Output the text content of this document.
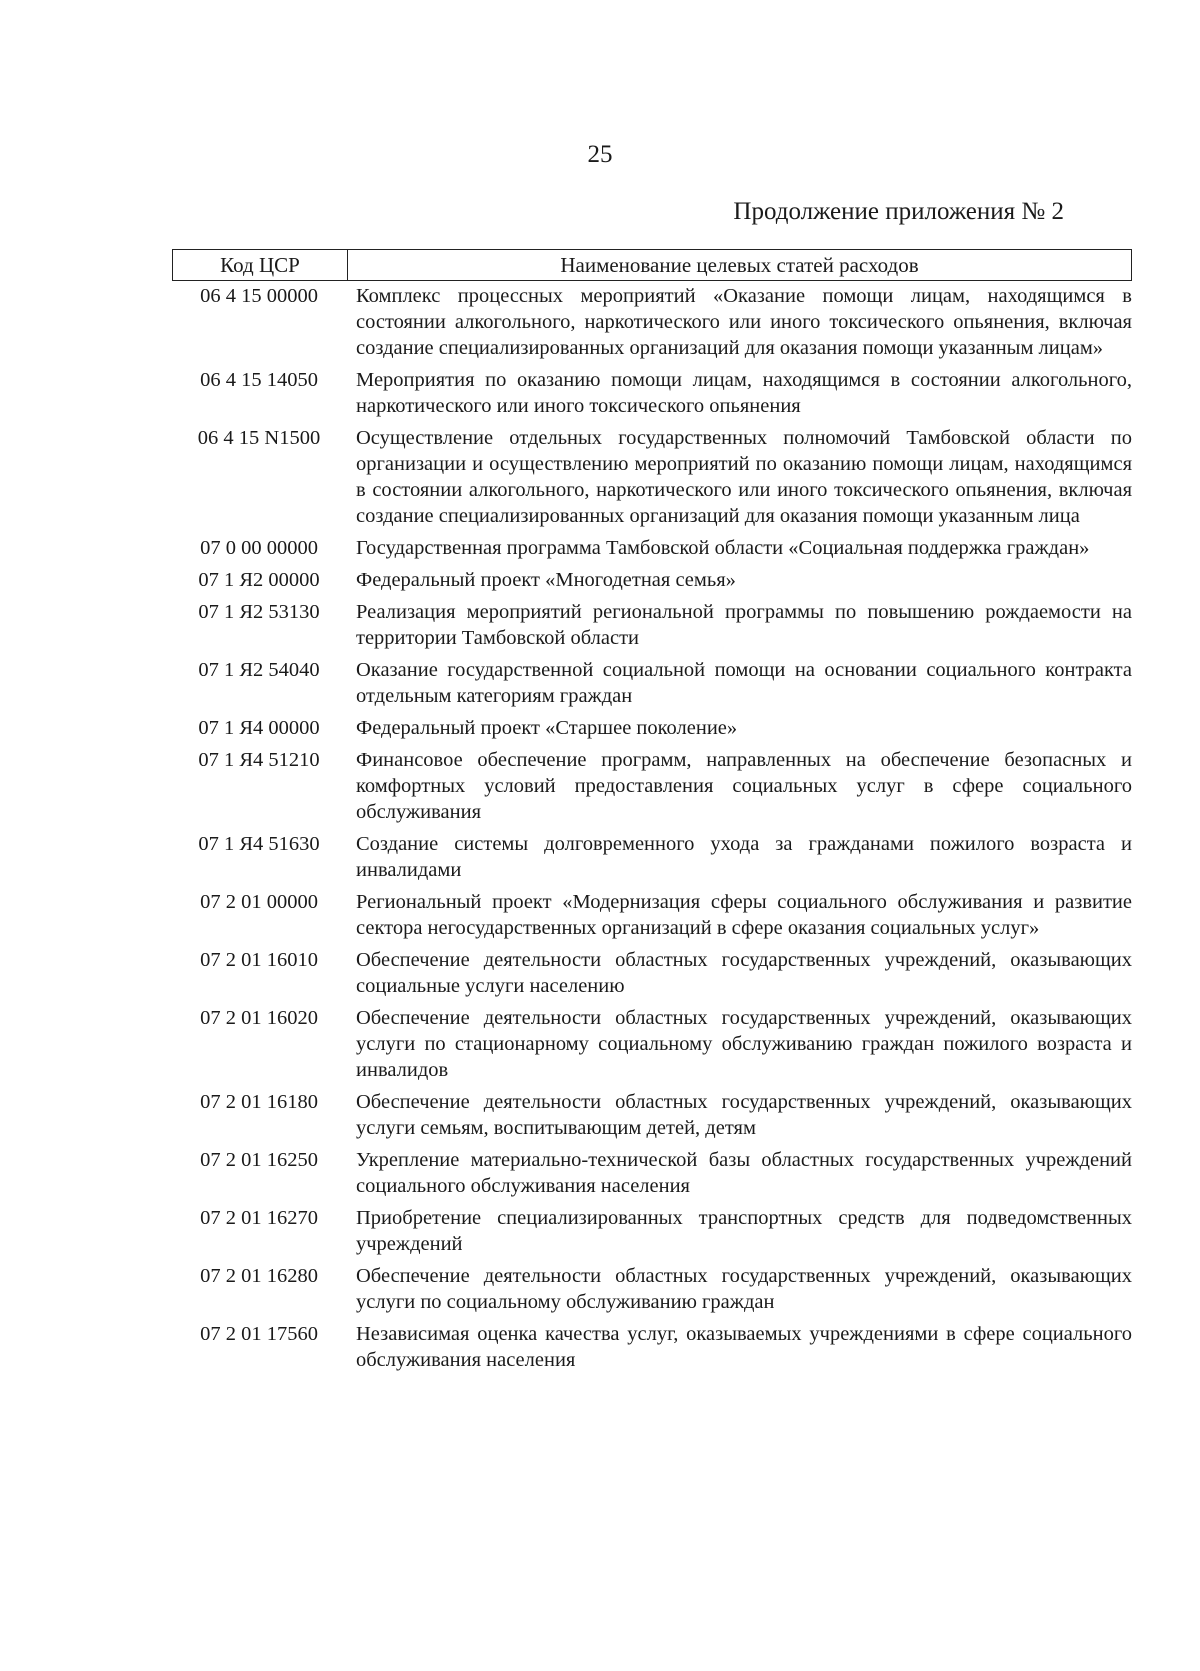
25
Продолжение приложения № 2
Код ЦСР	Наименование целевых статей расходов
06 4 15 00000	Комплекс процессных мероприятий «Оказание помощи лицам, находящимся в состоянии алкогольного, наркотического или иного токсического опьянения, включая создание специализированных организаций для оказания помощи указанным лицам»
06 4 15 14050	Мероприятия по оказанию помощи лицам, находящимся в состоянии алкогольного, наркотического или иного токсического опьянения
06 4 15 N1500	Осуществление отдельных государственных полномочий Тамбовской области по организации и осуществлению мероприятий по оказанию помощи лицам, находящимся в состоянии алкогольного, наркотического или иного токсического опьянения, включая создание специализированных организаций для оказания помощи указанным лица
07 0 00 00000	Государственная программа Тамбовской области «Социальная поддержка граждан»
07 1 Я2 00000	Федеральный проект «Многодетная семья»
07 1 Я2 53130	Реализация мероприятий региональной программы по повышению рождаемости на территории Тамбовской области
07 1 Я2 54040	Оказание государственной социальной помощи на основании социального контракта отдельным категориям граждан
07 1 Я4 00000	Федеральный проект «Старшее поколение»
07 1 Я4 51210	Финансовое обеспечение программ, направленных на обеспечение безопасных и комфортных условий предоставления социальных услуг в сфере социального обслуживания
07 1 Я4 51630	Создание системы долговременного ухода за гражданами пожилого возраста и инвалидами
07 2 01 00000	Региональный проект «Модернизация сферы социального обслуживания и развитие сектора негосударственных организаций в сфере оказания социальных услуг»
07 2 01 16010	Обеспечение деятельности областных государственных учреждений, оказывающих социальные услуги населению
07 2 01 16020	Обеспечение деятельности областных государственных учреждений, оказывающих услуги по стационарному социальному обслуживанию граждан пожилого возраста и инвалидов
07 2 01 16180	Обеспечение деятельности областных государственных учреждений, оказывающих услуги семьям, воспитывающим детей, детям
07 2 01 16250	Укрепление материально-технической базы областных государственных учреждений социального обслуживания населения
07 2 01 16270	Приобретение специализированных транспортных средств для подведомственных учреждений
07 2 01 16280	Обеспечение деятельности областных государственных учреждений, оказывающих услуги по социальному обслуживанию граждан
07 2 01 17560	Независимая оценка качества услуг, оказываемых учреждениями в сфере социального обслуживания населения
